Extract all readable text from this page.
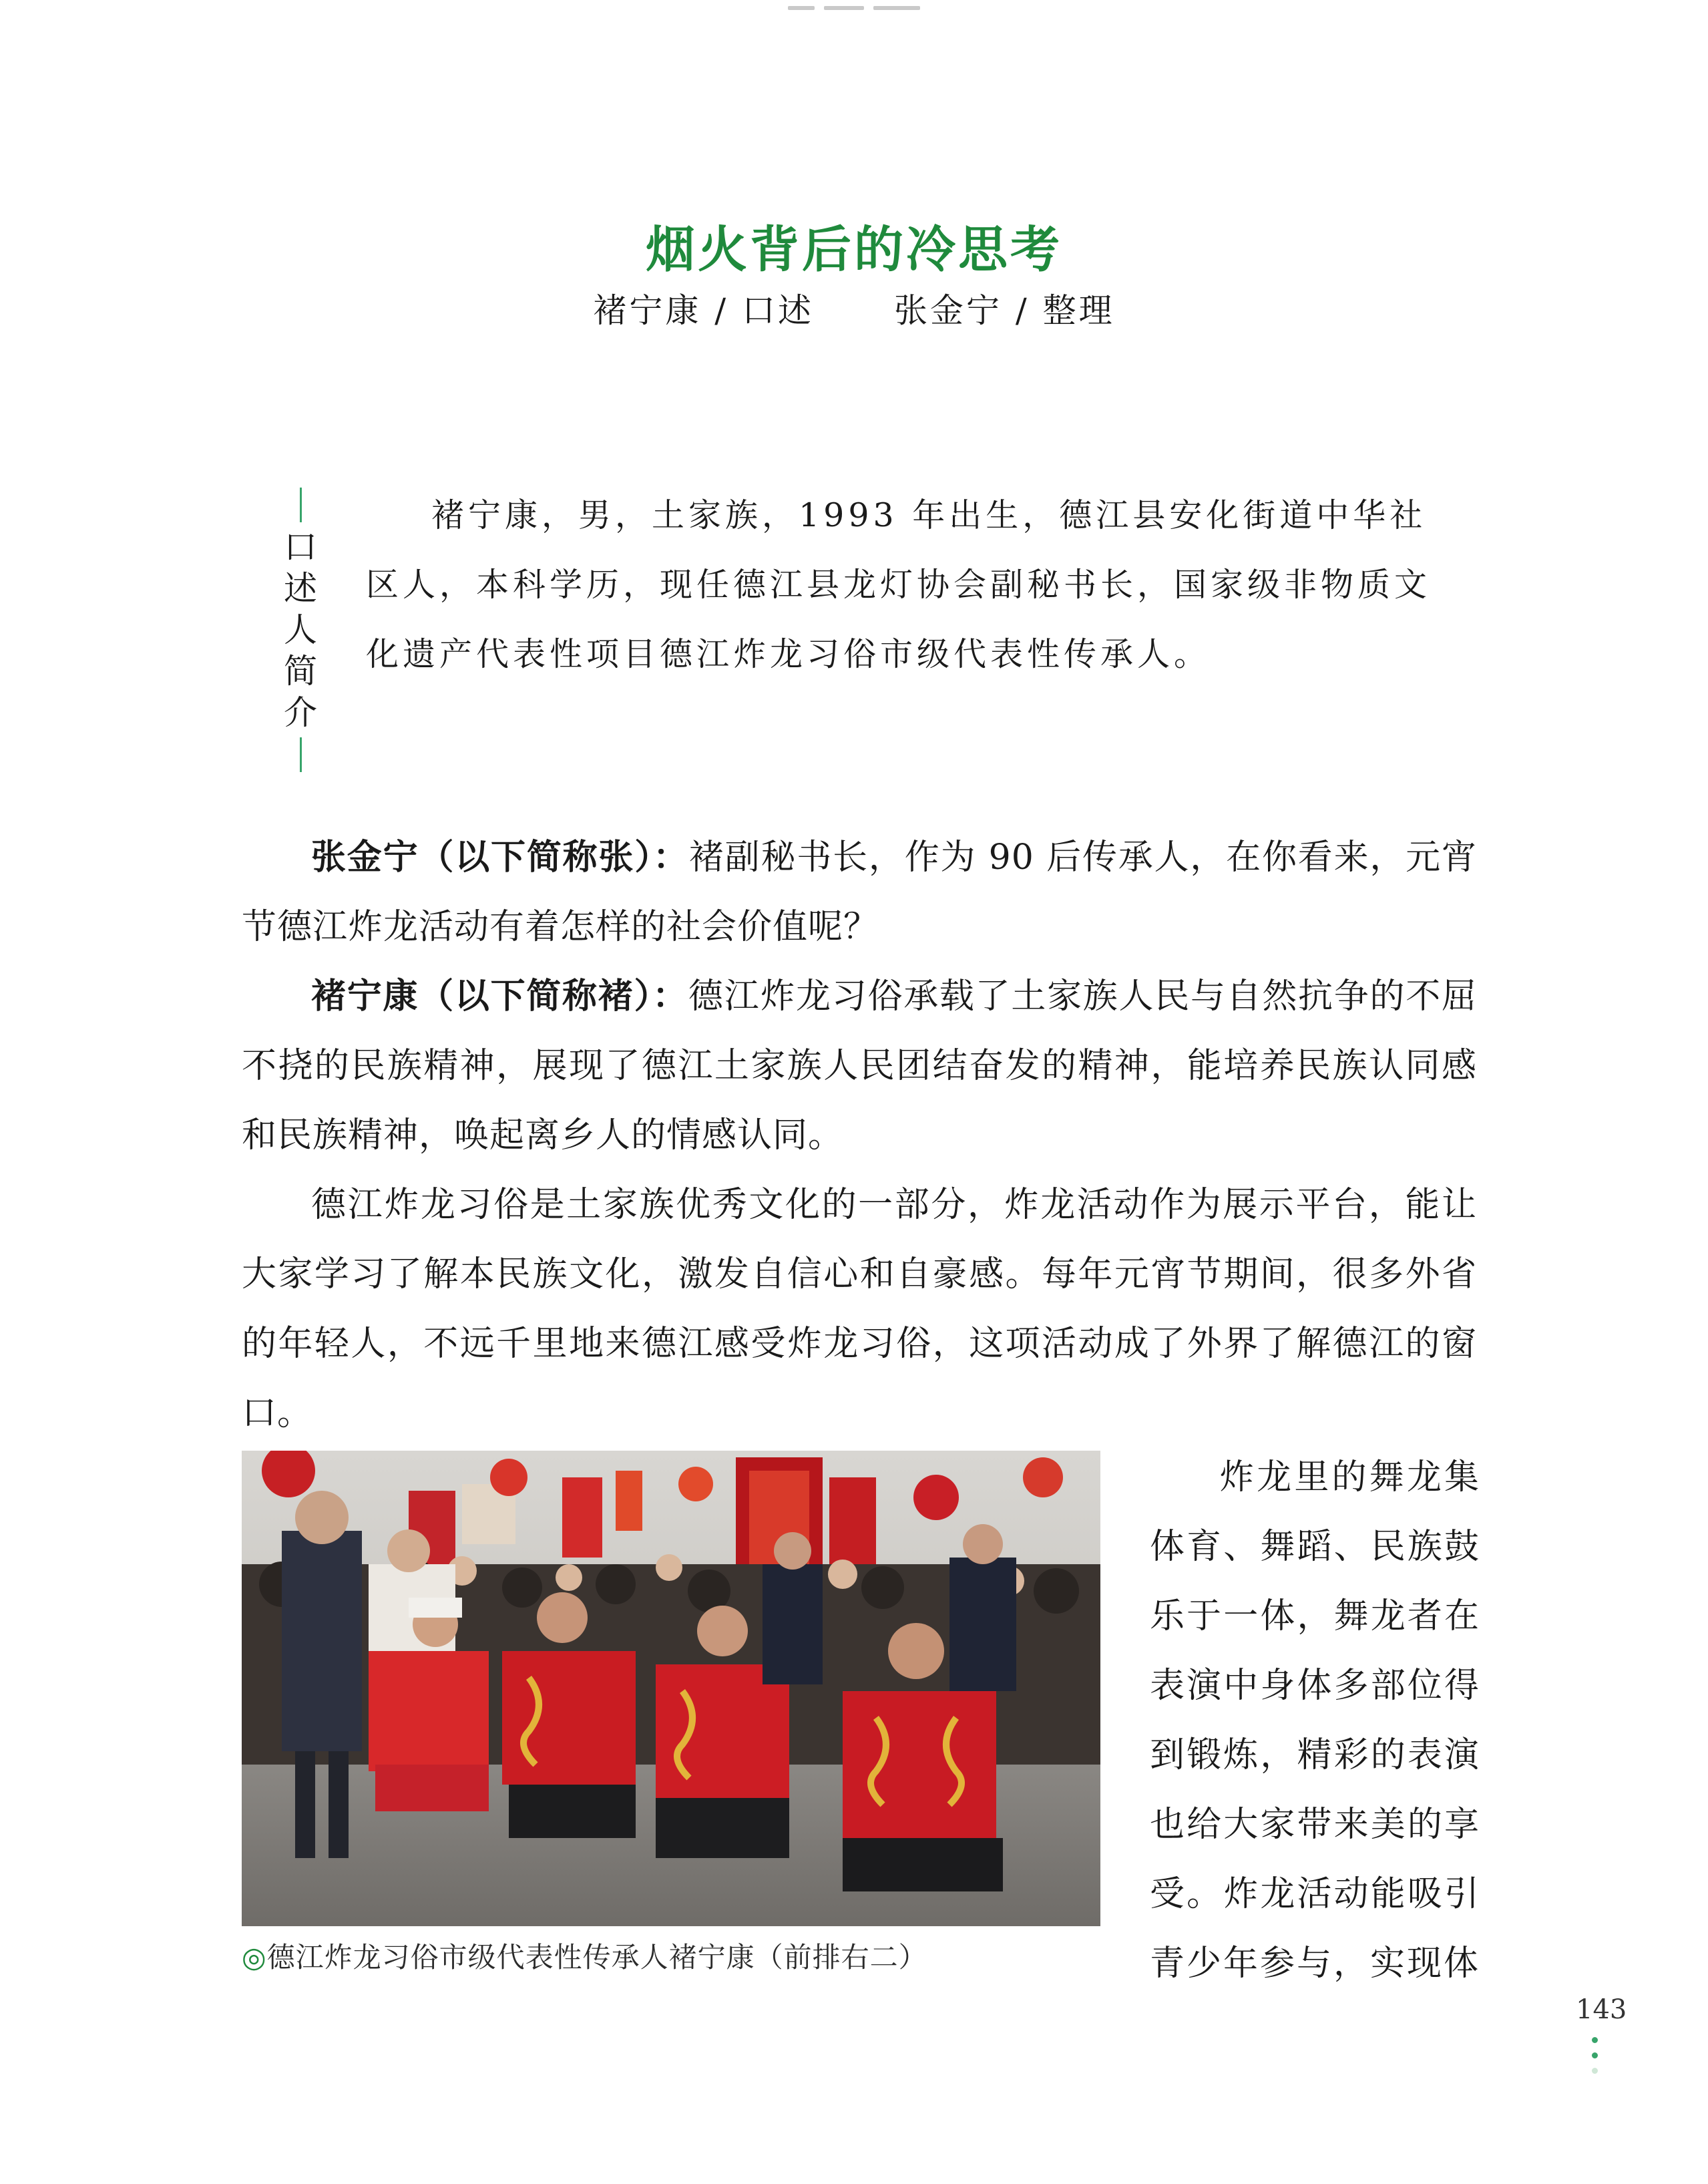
烟火背后的冷思考
褚宁康 / 口述 张金宁 / 整理
口
述
人
简
介

褚宁康，男，土家族，1993 年出生，德江县安化街道中华社区人，本科学历，现任德江县龙灯协会副秘书长，国家级非物质文化遗产代表性项目德江炸龙习俗市级代表性传承人。

张金宁（以下简称张）：褚副秘书长，作为 90 后传承人，在你看来，元宵节德江炸龙活动有着怎样的社会价值呢？

褚宁康（以下简称褚）：德江炸龙习俗承载了土家族人民与自然抗争的不屈不挠的民族精神，展现了德江土家族人民团结奋发的精神，能培养民族认同感和民族精神，唤起离乡人的情感认同。

德江炸龙习俗是土家族优秀文化的一部分，炸龙活动作为展示平台，能让大家学习了解本民族文化，激发自信心和自豪感。每年元宵节期间，很多外省的年轻人，不远千里地来德江感受炸龙习俗，这项活动成了外界了解德江的窗口。

◎德江炸龙习俗市级代表性传承人褚宁康（前排右二）

炸龙里的舞龙集体育、舞蹈、民族鼓乐于一体，舞龙者在表演中身体多部位得到锻炼，精彩的表演也给大家带来美的享受。炸龙活动能吸引青少年参与，实现体

143
